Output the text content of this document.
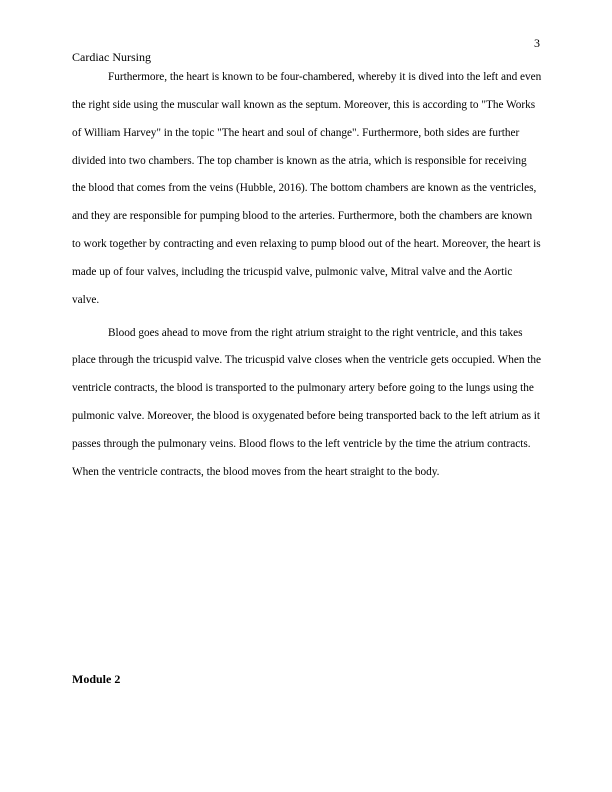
3
Cardiac Nursing

Furthermore, the heart is known to be four-chambered, whereby it is dived into the left and even the right side using the muscular wall known as the septum. Moreover, this is according to "The Works of William Harvey" in the topic "The heart and soul of change". Furthermore, both sides are further divided into two chambers. The top chamber is known as the atria, which is responsible for receiving the blood that comes from the veins (Hubble, 2016). The bottom chambers are known as the ventricles, and they are responsible for pumping blood to the arteries. Furthermore, both the chambers are known to work together by contracting and even relaxing to pump blood out of the heart. Moreover, the heart is made up of four valves, including the tricuspid valve, pulmonic valve, Mitral valve and the Aortic valve.

Blood goes ahead to move from the right atrium straight to the right ventricle, and this takes place through the tricuspid valve. The tricuspid valve closes when the ventricle gets occupied. When the ventricle contracts, the blood is transported to the pulmonary artery before going to the lungs using the pulmonic valve. Moreover, the blood is oxygenated before being transported back to the left atrium as it passes through the pulmonary veins. Blood flows to the left ventricle by the time the atrium contracts. When the ventricle contracts, the blood moves from the heart straight to the body.

Module 2
